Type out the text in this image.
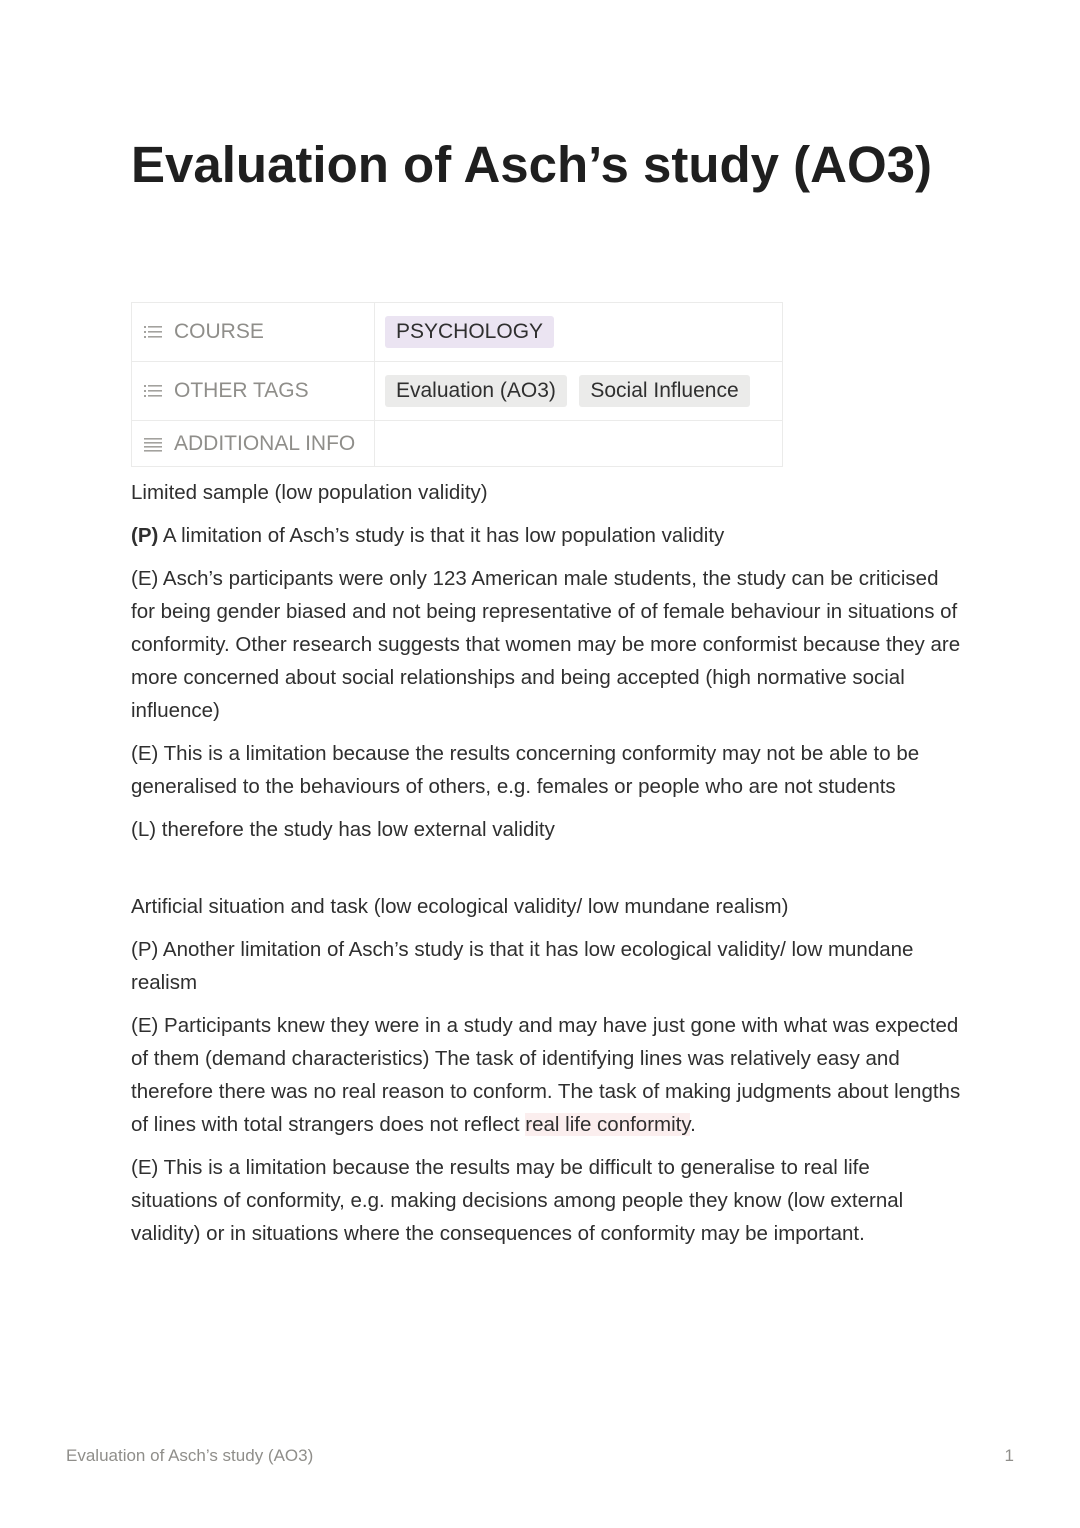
Evaluation of Asch’s study (AO3)
COURSE	PSYCHOLOGY

OTHER TAGS	Evaluation (AO3) Social Influence

ADDITIONAL INFO	

Limited sample (low population validity)

(P) A limitation of Asch’s study is that it has low population validity

(E) Asch’s participants were only 123 American male students, the study can be criticised for being gender biased and not being representative of of female behaviour in situations of conformity. Other research suggests that women may be more conformist because they are more concerned about social relationships and being accepted (high normative social influence)

(E) This is a limitation because the results concerning conformity may not be able to be generalised to the behaviours of others, e.g. females or people who are not students

(L) therefore the study has low external validity

Artificial situation and task (low ecological validity/ low mundane realism)

(P) Another limitation of Asch’s study is that it has low ecological validity/ low mundane realism

(E) Participants knew they were in a study and may have just gone with what was expected of them (demand characteristics) The task of identifying lines was relatively easy and therefore there was no real reason to conform. The task of making judgments about lengths of lines with total strangers does not reflect real life conformity.

(E) This is a limitation because the results may be difficult to generalise to real life situations of conformity, e.g. making decisions among people they know (low external validity) or in situations where the consequences of conformity may be important.

Evaluation of Asch’s study (AO3)	1
